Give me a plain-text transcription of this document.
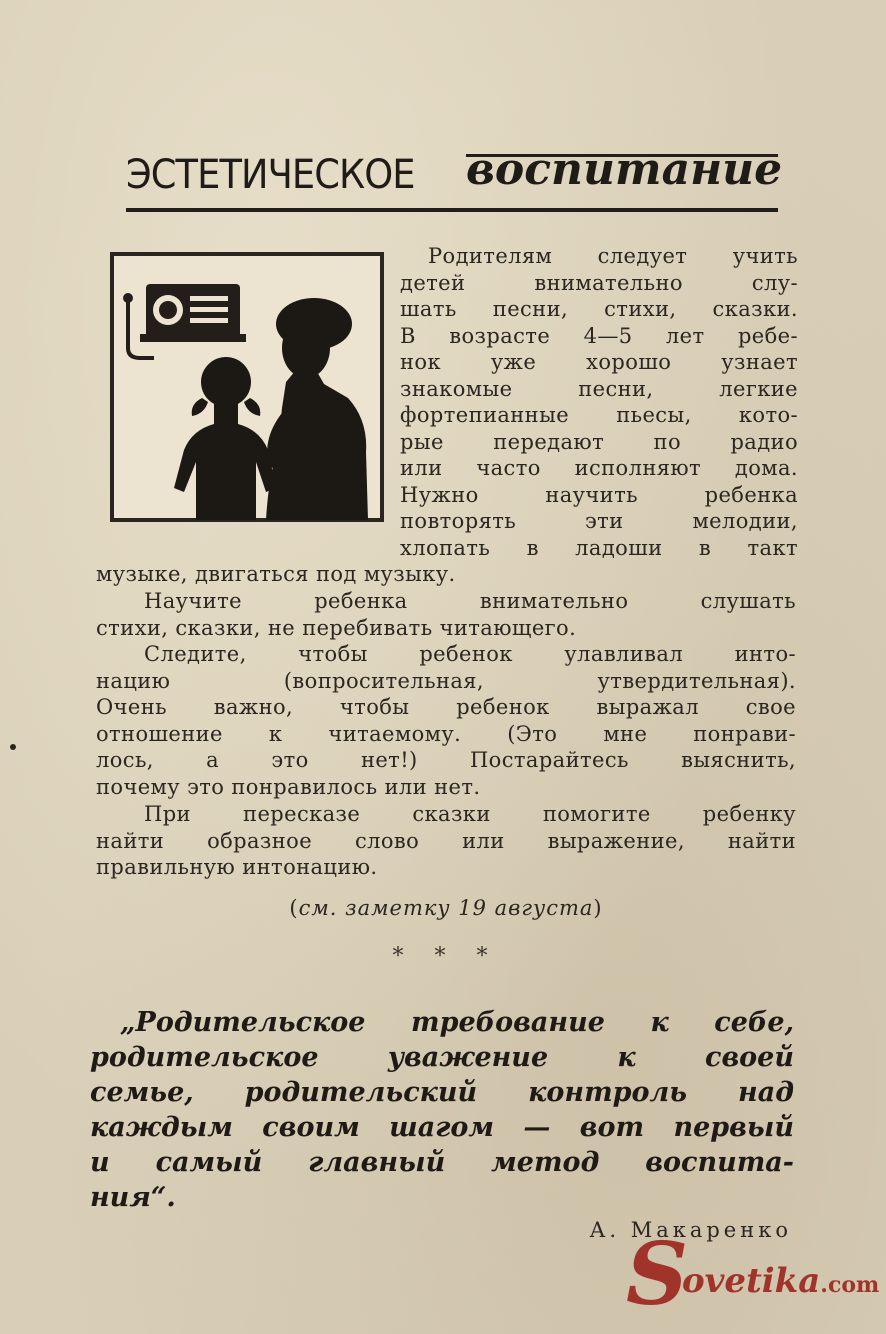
ЭСТЕТИЧЕСКОЕ воспитание
Родителям следует учить
детей внимательно слу-
шать песни, стихи, сказки.
В возрасте 4—5 лет ребе-
нок уже хорошо узнает
знакомые песни, легкие
фортепианные пьесы, кото-
рые передают по радио
или часто исполняют дома.
Нужно научить ребенка
повторять эти мелодии,
хлопать в ладоши в такт
музыке, двигаться под музыку.
Научите ребенка внимательно слушать
стихи, сказки, не перебивать читающего.
Следите, чтобы ребенок улавливал инто-
нацию (вопросительная, утвердительная).
Очень важно, чтобы ребенок выражал свое
отношение к читаемому. (Это мне понрави-
лось, а это нет!) Постарайтесь выяснить,
почему это понравилось или нет.
При пересказе сказки помогите ребенку
найти образное слово или выражение, найти
правильную интонацию.

(см. заметку 19 августа)

* * *

„Родительское требование к себе,
родительское уважение к своей
семье, родительский контроль над
каждым своим шагом — вот первый
и самый главный метод воспита-
ния“.

А. Макаренко

S
ovetika.com
